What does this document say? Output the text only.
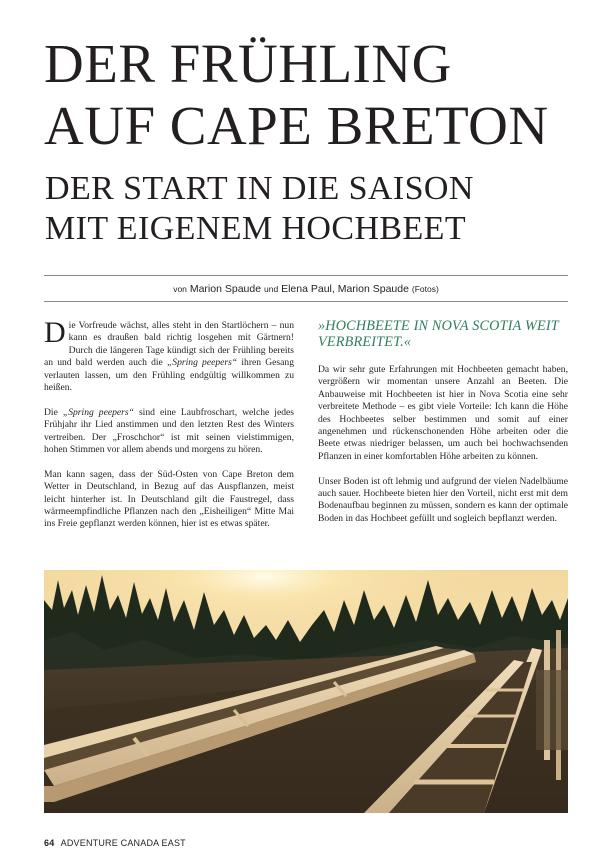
DER FRÜHLING
AUF CAPE BRETON
DER START IN DIE SAISON
MIT EIGENEM HOCHBEET
von Marion Spaude und Elena Paul, Marion Spaude (Fotos)

Die Vorfreude wächst, alles steht in den Startlöchern – nun kann es draußen bald richtig losgehen mit Gärtnern! Durch die längeren Tage kündigt sich der Frühling bereits an und bald werden auch die „Spring peepers“ ihren Gesang verlauten lassen, um den Frühling endgültig willkommen zu heißen.

Die „Spring peepers“ sind eine Laubfroschart, welche jedes Frühjahr ihr Lied anstimmen und den letzten Rest des Winters vertreiben. Der „Froschchor“ ist mit seinen vielstimmigen, hohen Stimmen vor allem abends und morgens zu hören.

Man kann sagen, dass der Süd-Osten von Cape Breton dem Wetter in Deutschland, in Bezug auf das Auspflanzen, meist leicht hinterher ist. In Deutschland gilt die Faustregel, dass wärmeempfindliche Pflanzen nach den „Eisheiligen“ Mitte Mai ins Freie gepflanzt werden können, hier ist es etwas später.

»HOCHBEETE IN NOVA SCOTIA WEIT VERBREITET.«

Da wir sehr gute Erfahrungen mit Hochbeeten gemacht haben, vergrößern wir momentan unsere Anzahl an Beeten. Die Anbauweise mit Hochbeeten ist hier in Nova Scotia eine sehr verbreitete Methode – es gibt viele Vorteile: Ich kann die Höhe des Hochbeetes selber bestimmen und somit auf einer angenehmen und rückenschonenden Höhe arbeiten oder die Beete etwas niedriger belassen, um auch bei hochwachsenden Pflanzen in einer komfortablen Höhe arbeiten zu können.

Unser Boden ist oft lehmig und aufgrund der vielen Nadelbäume auch sauer. Hochbeete bieten hier den Vorteil, nicht erst mit dem Bodenaufbau beginnen zu müssen, sondern es kann der optimale Boden in das Hochbeet gefüllt und sogleich bepflanzt werden.

64 ADVENTURE CANADA EAST
